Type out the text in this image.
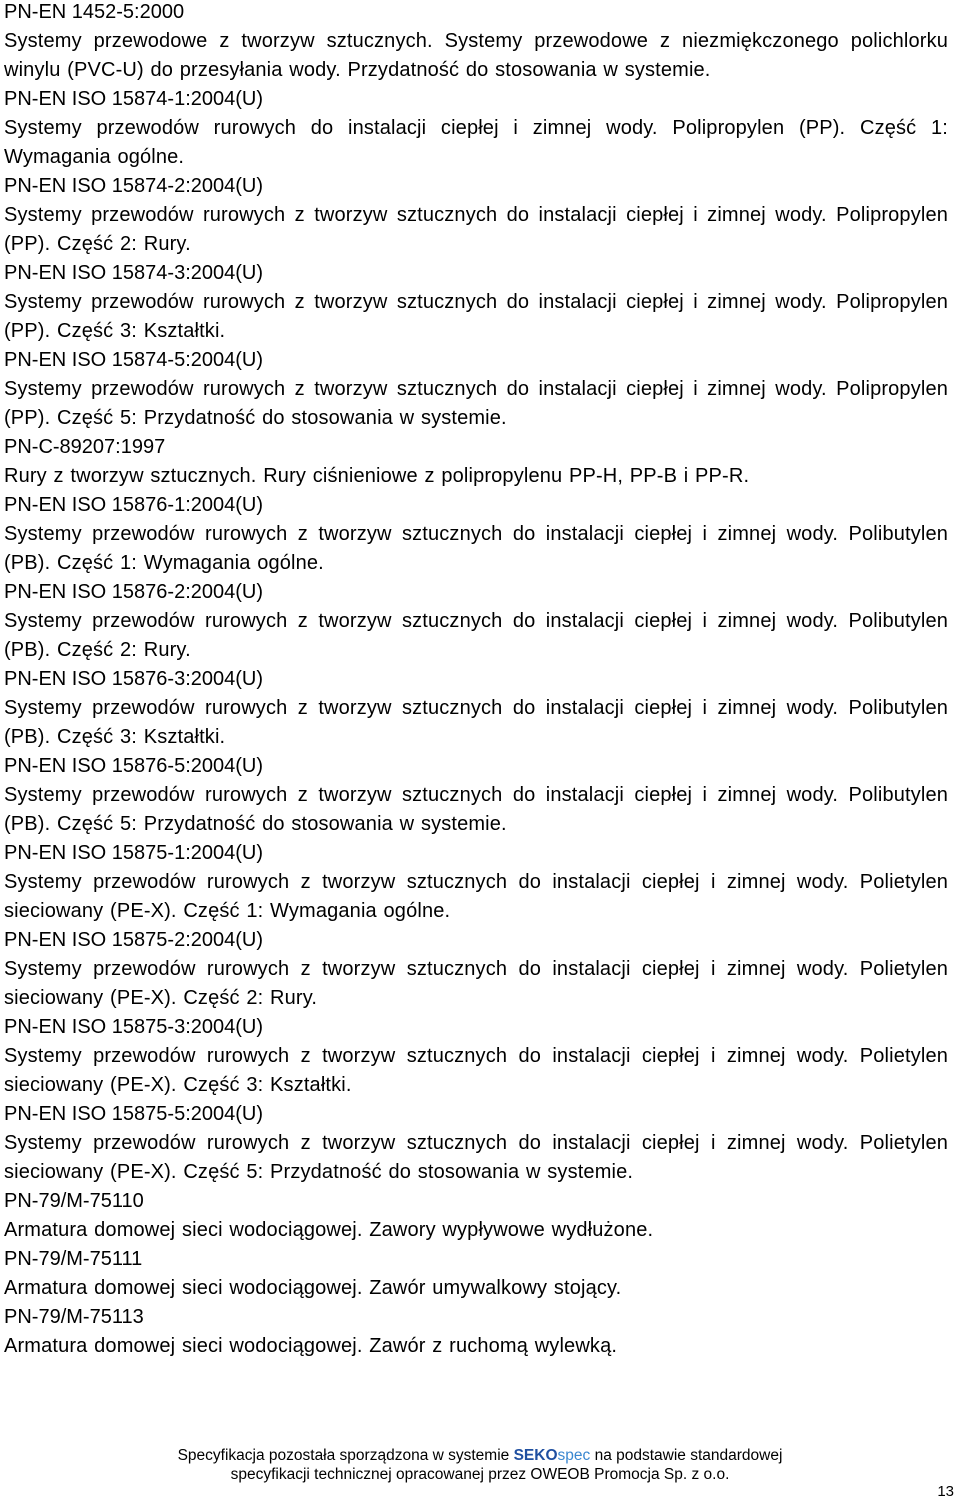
PN-EN 1452-5:2000
Systemy przewodowe z tworzyw sztucznych. Systemy przewodowe z niezmiękczonego polichlorku winylu (PVC-U) do przesyłania wody. Przydatność do stosowania w systemie.
PN-EN ISO 15874-1:2004(U)
Systemy przewodów rurowych do instalacji ciepłej i zimnej wody. Polipropylen (PP). Część 1: Wymagania ogólne.
PN-EN ISO 15874-2:2004(U)
Systemy przewodów rurowych z tworzyw sztucznych do instalacji ciepłej i zimnej wody. Polipropylen (PP). Część 2: Rury.
PN-EN ISO 15874-3:2004(U)
Systemy przewodów rurowych z tworzyw sztucznych do instalacji ciepłej i zimnej wody. Polipropylen (PP). Część 3: Kształtki.
PN-EN ISO 15874-5:2004(U)
Systemy przewodów rurowych z tworzyw sztucznych do instalacji ciepłej i zimnej wody. Polipropylen (PP). Część 5: Przydatność do stosowania w systemie.
PN-C-89207:1997
Rury z tworzyw sztucznych. Rury ciśnieniowe z polipropylenu PP-H, PP-B i PP-R.
PN-EN ISO 15876-1:2004(U)
Systemy przewodów rurowych z tworzyw sztucznych do instalacji ciepłej i zimnej wody. Polibutylen (PB). Część 1: Wymagania ogólne.
PN-EN ISO 15876-2:2004(U)
Systemy przewodów rurowych z tworzyw sztucznych do instalacji ciepłej i zimnej wody. Polibutylen (PB). Część 2: Rury.
PN-EN ISO 15876-3:2004(U)
Systemy przewodów rurowych z tworzyw sztucznych do instalacji ciepłej i zimnej wody. Polibutylen (PB). Część 3: Kształtki.
PN-EN ISO 15876-5:2004(U)
Systemy przewodów rurowych z tworzyw sztucznych do instalacji ciepłej i zimnej wody. Polibutylen (PB). Część 5: Przydatność do stosowania w systemie.
PN-EN ISO 15875-1:2004(U)
Systemy przewodów rurowych z tworzyw sztucznych do instalacji ciepłej i zimnej wody. Polietylen sieciowany (PE-X). Część 1: Wymagania ogólne.
PN-EN ISO 15875-2:2004(U)
Systemy przewodów rurowych z tworzyw sztucznych do instalacji ciepłej i zimnej wody. Polietylen sieciowany (PE-X). Część 2: Rury.
PN-EN ISO 15875-3:2004(U)
Systemy przewodów rurowych z tworzyw sztucznych do instalacji ciepłej i zimnej wody. Polietylen sieciowany (PE-X). Część 3: Kształtki.
PN-EN ISO 15875-5:2004(U)
Systemy przewodów rurowych z tworzyw sztucznych do instalacji ciepłej i zimnej wody. Polietylen sieciowany (PE-X). Część 5: Przydatność do stosowania w systemie.
PN-79/M-75110
Armatura domowej sieci wodociągowej. Zawory wypływowe wydłużone.
PN-79/M-75111
Armatura domowej sieci wodociągowej. Zawór umywalkowy stojący.
PN-79/M-75113
Armatura domowej sieci wodociągowej. Zawór z ruchomą wylewką.
Specyfikacja pozostała sporządzona w systemie SEKOspec na podstawie standardowej
specyfikacji technicznej opracowanej przez OWEOB Promocja Sp. z o.o.
13
